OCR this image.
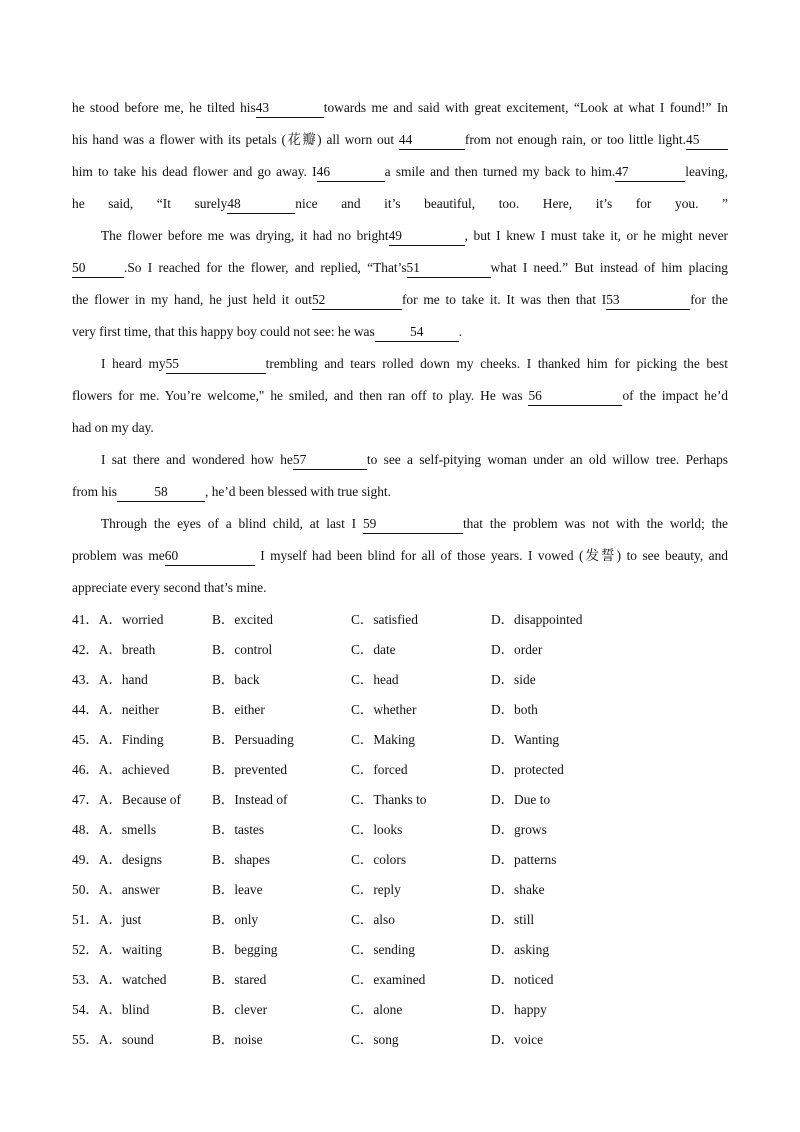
he stood before me, he tilted his43	towards me and said with great excitement, “Look at what I found!” In
his hand was a flower with its petals (花瓣) all worn out 44	from not enough rain, or too little light.45
him to take his dead flower and go away. I46	a smile and then turned my back to him.47	leaving,
he said, “It surely48	nice and it’s beautiful, too. Here, it’s for you. ”
The flower before me was drying, it had no bright49	, but I knew I must take it, or he might never
50	.So I reached for the flower, and replied, “That’s51	what I need.” But instead of him placing
the flower in my hand, he just held it out52	for me to take it. It was then that I53	for the
very first time, that this happy boy could not see: he was	54	.
I heard my55	trembling and tears rolled down my cheeks. I thanked him for picking the best
flowers for me. You’re welcome," he smiled, and then ran off to play. He was 56	of the impact he’d
had on my day.
I sat there and wondered how he57	to see a self-pitying woman under an old willow tree. Perhaps
from his	58	, he’d been blessed with true sight.
Through the eyes of a blind child, at last I 59	that the problem was not with the world; the
problem was me60	I myself had been blind for all of those years. I vowed (发誓) to see beauty, and
appreciate every second that’s mine.
41．A．worried	B．excited	C．satisfied	D．disappointed
42．A．breath	B．control	C．date	D．order
43．A．hand	B．back	C．head	D．side
44．A．neither	B．either	C．whether	D．both
45．A．Finding	B．Persuading	C．Making	D．Wanting
46．A．achieved	B．prevented	C．forced	D．protected
47．A．Because of B．Instead of	C．Thanks to	D．Due to
48．A．smells	B．tastes	C．looks	D．grows
49．A．designs	B．shapes	C．colors	D．patterns
50．A．answer	B．leave	C．reply	D．shake
51．A．just	B．only	C．also	D．still
52．A．waiting	B．begging	C．sending	D．asking
53．A．watched	B．stared	C．examined	D．noticed
54．A．blind	B．clever	C．alone	D．happy
55．A．sound	B．noise	C．song	D．voice
